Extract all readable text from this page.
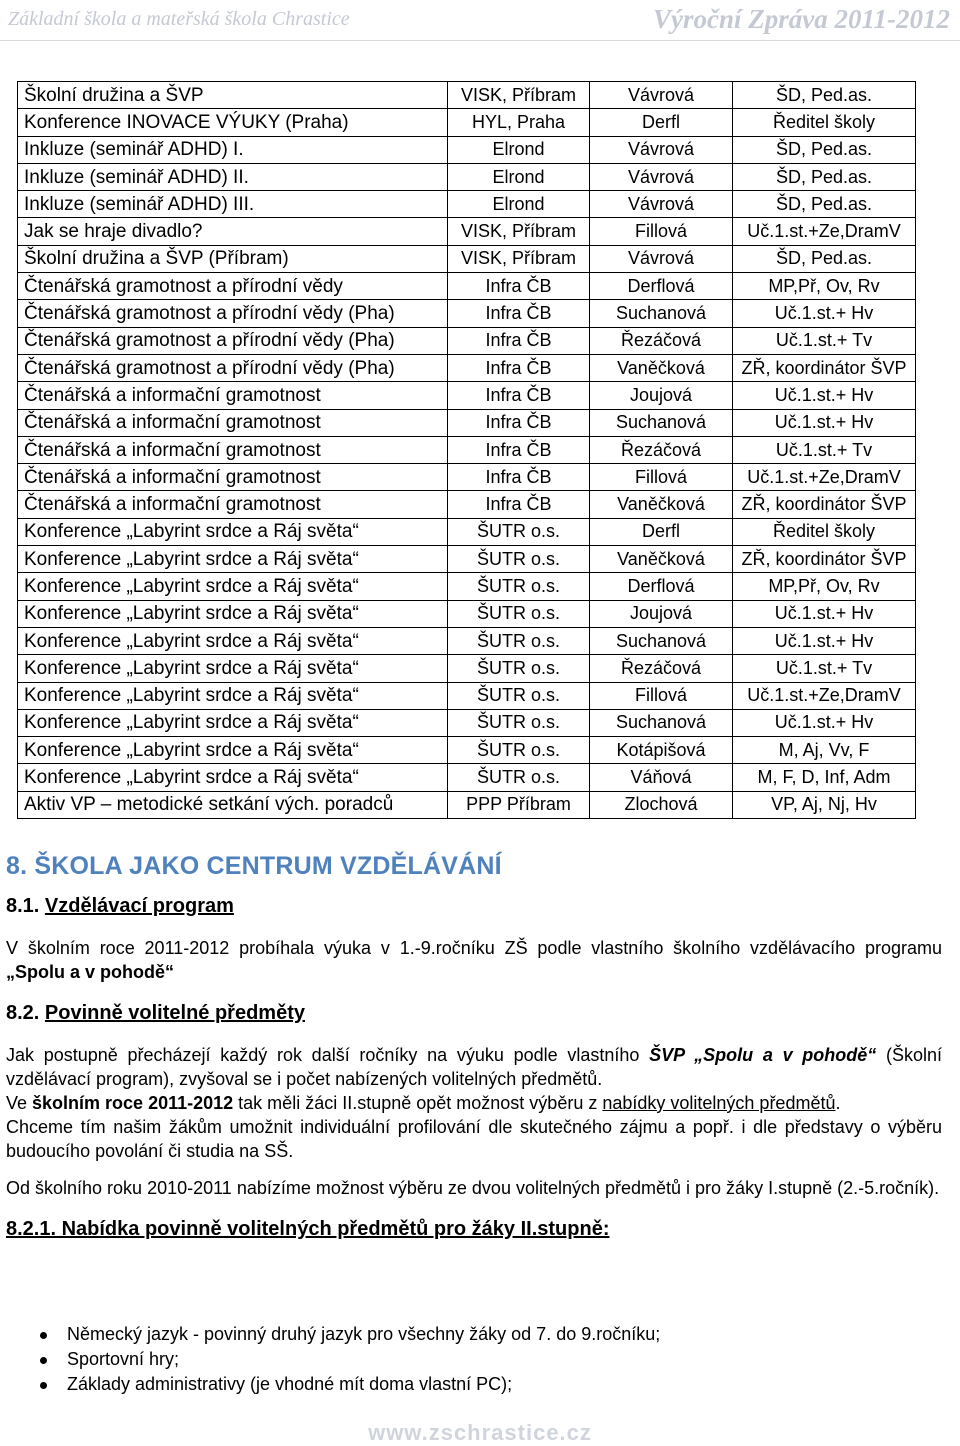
Základní škola a mateřská škola Chrastice	Výroční Zpráva 2011-2012
Školní družina a ŠVP	VISK, Příbram	Vávrová	ŠD, Ped.as.
Konference INOVACE VÝUKY (Praha)	HYL, Praha	Derfl	Ředitel školy
Inkluze (seminář ADHD) I.	Elrond	Vávrová	ŠD, Ped.as.
Inkluze (seminář ADHD) II.	Elrond	Vávrová	ŠD, Ped.as.
Inkluze (seminář ADHD) III.	Elrond	Vávrová	ŠD, Ped.as.
Jak se hraje divadlo?	VISK, Příbram	Fillová	Uč.1.st.+Ze,DramV
Školní družina a ŠVP (Příbram)	VISK, Příbram	Vávrová	ŠD, Ped.as.
Čtenářská gramotnost a přírodní vědy	Infra ČB	Derflová	MP,Př, Ov, Rv
Čtenářská gramotnost a přírodní vědy (Pha)	Infra ČB	Suchanová	Uč.1.st.+ Hv
Čtenářská gramotnost a přírodní vědy (Pha)	Infra ČB	Řezáčová	Uč.1.st.+ Tv
Čtenářská gramotnost a přírodní vědy (Pha)	Infra ČB	Vaněčková	ZŘ, koordinátor ŠVP
Čtenářská a informační gramotnost	Infra ČB	Joujová	Uč.1.st.+ Hv
Čtenářská a informační gramotnost	Infra ČB	Suchanová	Uč.1.st.+ Hv
Čtenářská a informační gramotnost	Infra ČB	Řezáčová	Uč.1.st.+ Tv
Čtenářská a informační gramotnost	Infra ČB	Fillová	Uč.1.st.+Ze,DramV
Čtenářská a informační gramotnost	Infra ČB	Vaněčková	ZŘ, koordinátor ŠVP
Konference „Labyrint srdce a Ráj světa“	ŠUTR o.s.	Derfl	Ředitel školy
Konference „Labyrint srdce a Ráj světa“	ŠUTR o.s.	Vaněčková	ZŘ, koordinátor ŠVP
Konference „Labyrint srdce a Ráj světa“	ŠUTR o.s.	Derflová	MP,Př, Ov, Rv
Konference „Labyrint srdce a Ráj světa“	ŠUTR o.s.	Joujová	Uč.1.st.+ Hv
Konference „Labyrint srdce a Ráj světa“	ŠUTR o.s.	Suchanová	Uč.1.st.+ Hv
Konference „Labyrint srdce a Ráj světa“	ŠUTR o.s.	Řezáčová	Uč.1.st.+ Tv
Konference „Labyrint srdce a Ráj světa“	ŠUTR o.s.	Fillová	Uč.1.st.+Ze,DramV
Konference „Labyrint srdce a Ráj světa“	ŠUTR o.s.	Suchanová	Uč.1.st.+ Hv
Konference „Labyrint srdce a Ráj světa“	ŠUTR o.s.	Kotápišová	M, Aj, Vv, F
Konference „Labyrint srdce a Ráj světa“	ŠUTR o.s.	Váňová	M, F, D, Inf, Adm
Aktiv VP – metodické setkání vých. poradců	PPP Příbram	Zlochová	VP, Aj, Nj, Hv
8. ŠKOLA JAKO CENTRUM VZDĚLÁVÁNÍ
8.1. Vzdělávací program

V školním roce 2011-2012 probíhala výuka v 1.-9.ročníku ZŠ podle vlastního školního vzdělávacího programu „Spolu a v pohodě“

8.2. Povinně volitelné předměty

Jak postupně přecházejí každý rok další ročníky na výuku podle vlastního ŠVP „Spolu a v pohodě“ (Školní vzdělávací program), zvyšoval se i počet nabízených volitelných předmětů.

Ve školním roce 2011-2012 tak měli žáci II.stupně opět možnost výběru z nabídky volitelných předmětů.

Chceme tím našim žákům umožnit individuální profilování dle skutečného zájmu a popř. i dle představy o výběru budoucího povolání či studia na SŠ.

Od školního roku 2010-2011 nabízíme možnost výběru ze dvou volitelných předmětů i pro žáky I.stupně (2.-5.ročník).

8.2.1. Nabídka povinně volitelných předmětů pro žáky II.stupně:
Německý jazyk - povinný druhý jazyk pro všechny žáky od 7. do 9.ročníku;
Sportovní hry;
Základy administrativy (je vhodné mít doma vlastní PC);
www.zschrastice.cz
